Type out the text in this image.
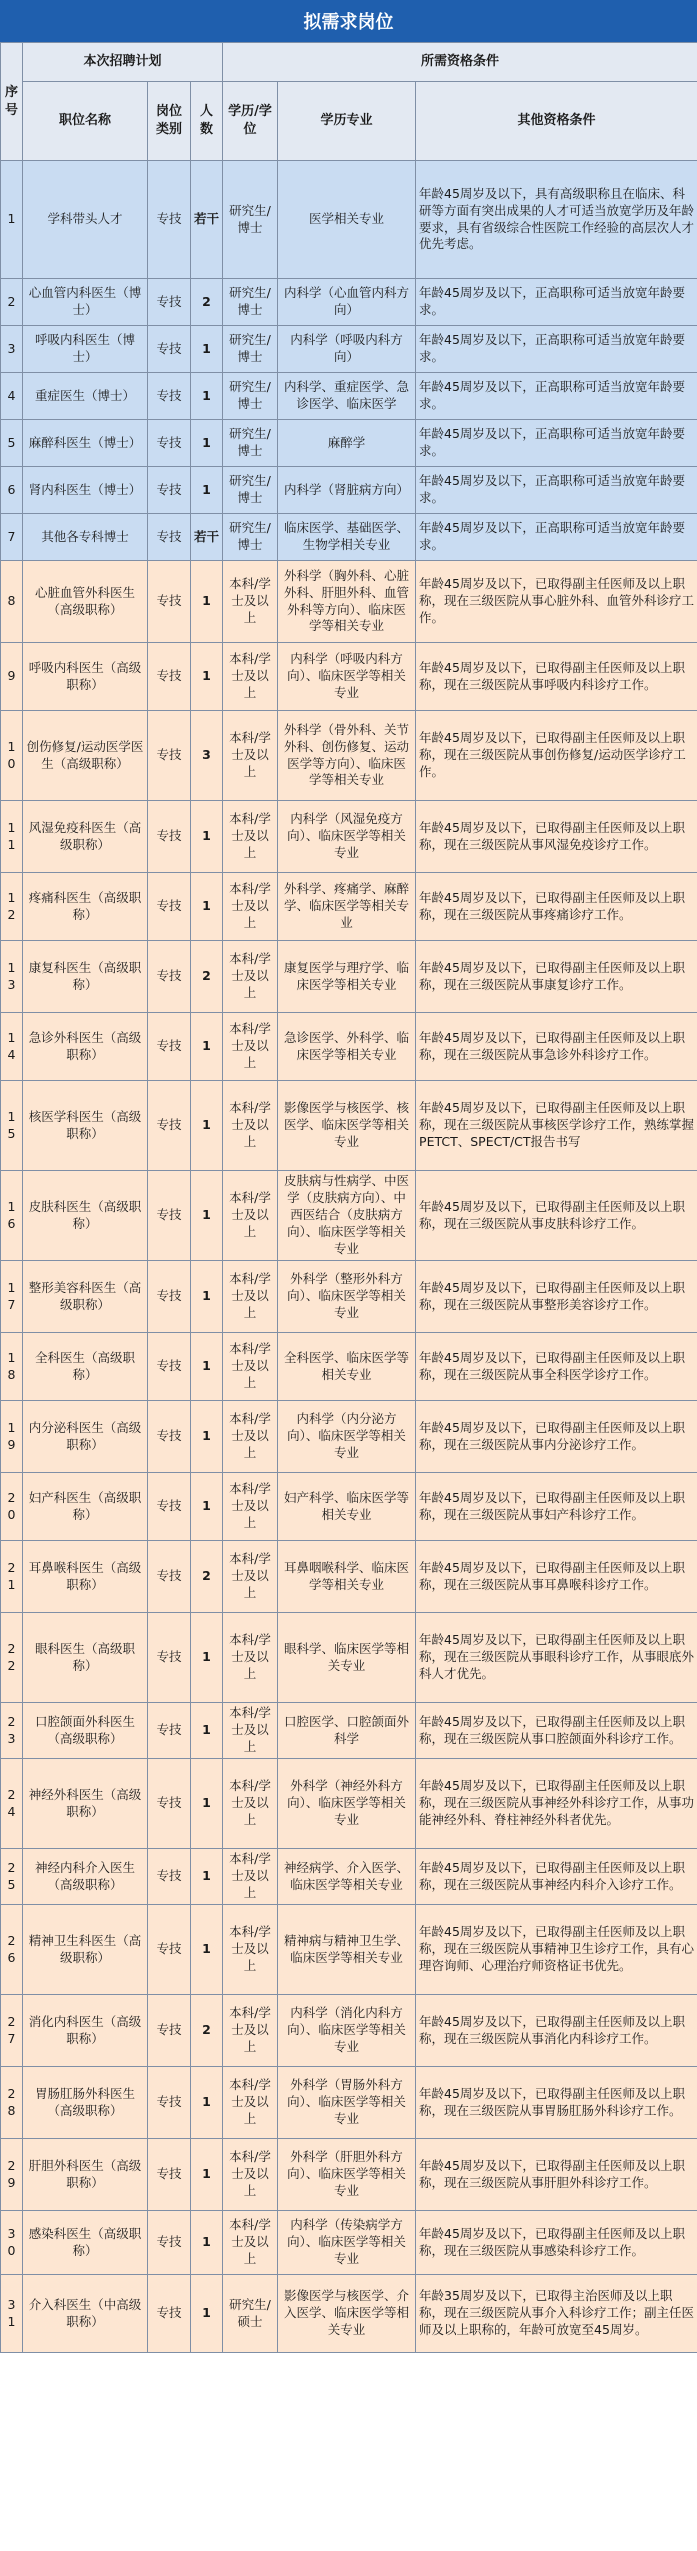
拟需求岗位
序号	本次招聘计划			所需资格条件		
	职位名称	岗位类别	人数	学历/学位	学历专业	其他资格条件
1	学科带头人才	专技	若干	研究生/博士	医学相关专业	年龄45周岁及以下，具有高级职称且在临床、科研等方面有突出成果的人才可适当放宽学历及年龄要求，具有省级综合性医院工作经验的高层次人才优先考虑。
2	心血管内科医生（博士）	专技	2	研究生/博士	内科学（心血管内科方向）	年龄45周岁及以下，正高职称可适当放宽年龄要求。
3	呼吸内科医生（博士）	专技	1	研究生/博士	内科学（呼吸内科方向）	年龄45周岁及以下，正高职称可适当放宽年龄要求。
4	重症医生（博士）	专技	1	研究生/博士	内科学、重症医学、急诊医学、临床医学	年龄45周岁及以下，正高职称可适当放宽年龄要求。
5	麻醉科医生（博士）	专技	1	研究生/博士	麻醉学	年龄45周岁及以下，正高职称可适当放宽年龄要求。
6	肾内科医生（博士）	专技	1	研究生/博士	内科学（肾脏病方向）	年龄45周岁及以下，正高职称可适当放宽年龄要求。
7	其他各专科博士	专技	若干	研究生/博士	临床医学、基础医学、生物学相关专业	年龄45周岁及以下，正高职称可适当放宽年龄要求。
8	心脏血管外科医生（高级职称）	专技	1	本科/学士及以上	外科学（胸外科、心脏外科、肝胆外科、血管外科等方向）、临床医学等相关专业	年龄45周岁及以下，已取得副主任医师及以上职称，现在三级医院从事心脏外科、血管外科诊疗工作。
9	呼吸内科医生（高级职称）	专技	1	本科/学士及以上	内科学（呼吸内科方向）、临床医学等相关专业	年龄45周岁及以下，已取得副主任医师及以上职称，现在三级医院从事呼吸内科诊疗工作。
10	创伤修复/运动医学医生（高级职称）	专技	3	本科/学士及以上	外科学（骨外科、关节外科、创伤修复、运动医学等方向）、临床医学等相关专业	年龄45周岁及以下，已取得副主任医师及以上职称，现在三级医院从事创伤修复/运动医学诊疗工作。
11	风湿免疫科医生（高级职称）	专技	1	本科/学士及以上	内科学（风湿免疫方向）、临床医学等相关专业	年龄45周岁及以下，已取得副主任医师及以上职称，现在三级医院从事风湿免疫诊疗工作。
12	疼痛科医生（高级职称）	专技	1	本科/学士及以上	外科学、疼痛学、麻醉学、临床医学等相关专业	年龄45周岁及以下，已取得副主任医师及以上职称，现在三级医院从事疼痛诊疗工作。
13	康复科医生（高级职称）	专技	2	本科/学士及以上	康复医学与理疗学、临床医学等相关专业	年龄45周岁及以下，已取得副主任医师及以上职称，现在三级医院从事康复诊疗工作。
14	急诊外科医生（高级职称）	专技	1	本科/学士及以上	急诊医学、外科学、临床医学等相关专业	年龄45周岁及以下，已取得副主任医师及以上职称，现在三级医院从事急诊外科诊疗工作。
15	核医学科医生（高级职称）	专技	1	本科/学士及以上	影像医学与核医学、核医学、临床医学等相关专业	年龄45周岁及以下，已取得副主任医师及以上职称，现在三级医院从事核医学诊疗工作，熟练掌握PETCT、SPECT/CT报告书写
16	皮肤科医生（高级职称）	专技	1	本科/学士及以上	皮肤病与性病学、中医学（皮肤病方向）、中西医结合（皮肤病方向）、临床医学等相关专业	年龄45周岁及以下，已取得副主任医师及以上职称，现在三级医院从事皮肤科诊疗工作。
17	整形美容科医生（高级职称）	专技	1	本科/学士及以上	外科学（整形外科方向）、临床医学等相关专业	年龄45周岁及以下，已取得副主任医师及以上职称，现在三级医院从事整形美容诊疗工作。
18	全科医生（高级职称）	专技	1	本科/学士及以上	全科医学、临床医学等相关专业	年龄45周岁及以下，已取得副主任医师及以上职称，现在三级医院从事全科医学诊疗工作。
19	内分泌科医生（高级职称）	专技	1	本科/学士及以上	内科学（内分泌方向）、临床医学等相关专业	年龄45周岁及以下，已取得副主任医师及以上职称，现在三级医院从事内分泌诊疗工作。
20	妇产科医生（高级职称）	专技	1	本科/学士及以上	妇产科学、临床医学等相关专业	年龄45周岁及以下，已取得副主任医师及以上职称，现在三级医院从事妇产科诊疗工作。
21	耳鼻喉科医生（高级职称）	专技	2	本科/学士及以上	耳鼻咽喉科学、临床医学等相关专业	年龄45周岁及以下，已取得副主任医师及以上职称，现在三级医院从事耳鼻喉科诊疗工作。
22	眼科医生（高级职称）	专技	1	本科/学士及以上	眼科学、临床医学等相关专业	年龄45周岁及以下，已取得副主任医师及以上职称，现在三级医院从事眼科诊疗工作，从事眼底外科人才优先。
23	口腔颌面外科医生（高级职称）	专技	1	本科/学士及以上	口腔医学、口腔颌面外科学	年龄45周岁及以下，已取得副主任医师及以上职称，现在三级医院从事口腔颌面外科诊疗工作。
24	神经外科医生（高级职称）	专技	1	本科/学士及以上	外科学（神经外科方向）、临床医学等相关专业	年龄45周岁及以下，已取得副主任医师及以上职称，现在三级医院从事神经外科诊疗工作，从事功能神经外科、脊柱神经外科者优先。
25	神经内科介入医生（高级职称）	专技	1	本科/学士及以上	神经病学、介入医学、临床医学等相关专业	年龄45周岁及以下，已取得副主任医师及以上职称，现在三级医院从事神经内科介入诊疗工作。
26	精神卫生科医生（高级职称）	专技	1	本科/学士及以上	精神病与精神卫生学、临床医学等相关专业	年龄45周岁及以下，已取得副主任医师及以上职称，现在三级医院从事精神卫生诊疗工作，具有心理咨询师、心理治疗师资格证书优先。
27	消化内科医生（高级职称）	专技	2	本科/学士及以上	内科学（消化内科方向）、临床医学等相关专业	年龄45周岁及以下，已取得副主任医师及以上职称，现在三级医院从事消化内科诊疗工作。
28	胃肠肛肠外科医生（高级职称）	专技	1	本科/学士及以上	外科学（胃肠外科方向）、临床医学等相关专业	年龄45周岁及以下，已取得副主任医师及以上职称，现在三级医院从事胃肠肛肠外科诊疗工作。
29	肝胆外科医生（高级职称）	专技	1	本科/学士及以上	外科学（肝胆外科方向）、临床医学等相关专业	年龄45周岁及以下，已取得副主任医师及以上职称，现在三级医院从事肝胆外科诊疗工作。
30	感染科医生（高级职称）	专技	1	本科/学士及以上	内科学（传染病学方向）、临床医学等相关专业	年龄45周岁及以下，已取得副主任医师及以上职称，现在三级医院从事感染科诊疗工作。
31	介入科医生（中高级职称）	专技	1	研究生/硕士	影像医学与核医学、介入医学、临床医学等相关专业	年龄35周岁及以下，已取得主治医师及以上职称，现在三级医院从事介入科诊疗工作；副主任医师及以上职称的，年龄可放宽至45周岁。
